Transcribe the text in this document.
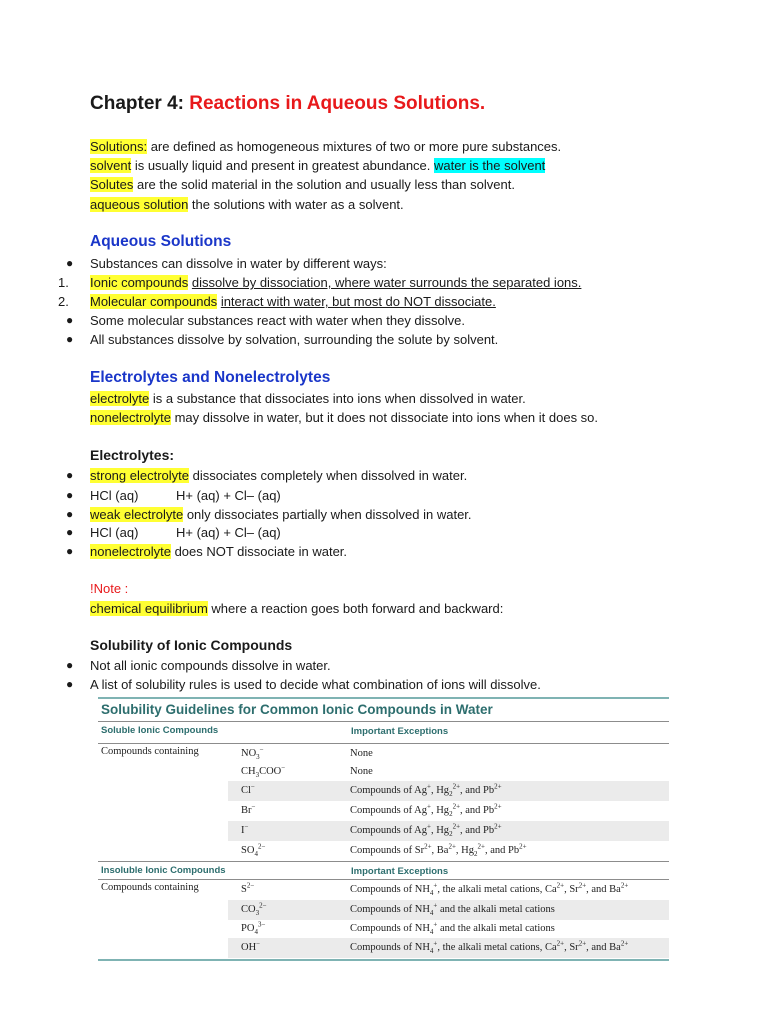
Chapter 4: Reactions in Aqueous Solutions.
Solutions: are defined as homogeneous mixtures of two or more pure substances.
solvent is usually liquid and present in greatest abundance. water is the solvent
Solutes are the solid material in the solution and usually less than solvent.
aqueous solution the solutions with water as a solvent.
Aqueous Solutions
● Substances can dissolve in water by different ways:
1. Ionic compounds dissolve by dissociation, where water surrounds the separated ions.
2. Molecular compounds interact with water, but most do NOT dissociate.
● Some molecular substances react with water when they dissolve.
● All substances dissolve by solvation, surrounding the solute by solvent.
Electrolytes and Nonelectrolytes
electrolyte is a substance that dissociates into ions when dissolved in water.
nonelectrolyte may dissolve in water, but it does not dissociate into ions when it does so.
Electrolytes:
● strong electrolyte dissociates completely when dissolved in water.
● HCl (aq)	H+ (aq) + Cl– (aq)
● weak electrolyte only dissociates partially when dissolved in water.
● HCl (aq)	H+ (aq) + Cl– (aq)
● nonelectrolyte does NOT dissociate in water.
!Note :
chemical equilibrium where a reaction goes both forward and backward:
Solubility of Ionic Compounds
● Not all ionic compounds dissolve in water.
● A list of solubility rules is used to decide what combination of ions will dissolve.
Solubility Guidelines for Common Ionic Compounds in Water
Soluble Ionic Compounds	Important Exceptions
Compounds containing	$NO_3^-$	None
$CH_3COO^-$	None
Cl−	Compounds of Ag+, $Hg_2^{2+}$, and $Pb^{2+}$
Br−	Compounds of Ag+, $Hg_2^{2+}$, and $Pb^{2+}$
I−	Compounds of Ag+, $Hg_2^{2+}$, and $Pb^{2+}$
$SO_4^{2-}$	Compounds of $Sr^{2+}$, $Ba^{2+}$, $Hg_2^{2+}$, and $Pb^{2+}$
Insoluble Ionic Compounds	Important Exceptions
Compounds containing	$S^{2-}$	Compounds of $NH_4^+$, the alkali metal cations, $Ca^{2+}$, $Sr^{2+}$, and $Ba^{2+}$
$CO_3^{2-}$	Compounds of $NH_4^+$ and the alkali metal cations
$PO_4^{3-}$	Compounds of $NH_4^+$ and the alkali metal cations
OH−	Compounds of $NH_4^+$, the alkali metal cations, $Ca^{2+}$, $Sr^{2+}$, and $Ba^{2+}$
